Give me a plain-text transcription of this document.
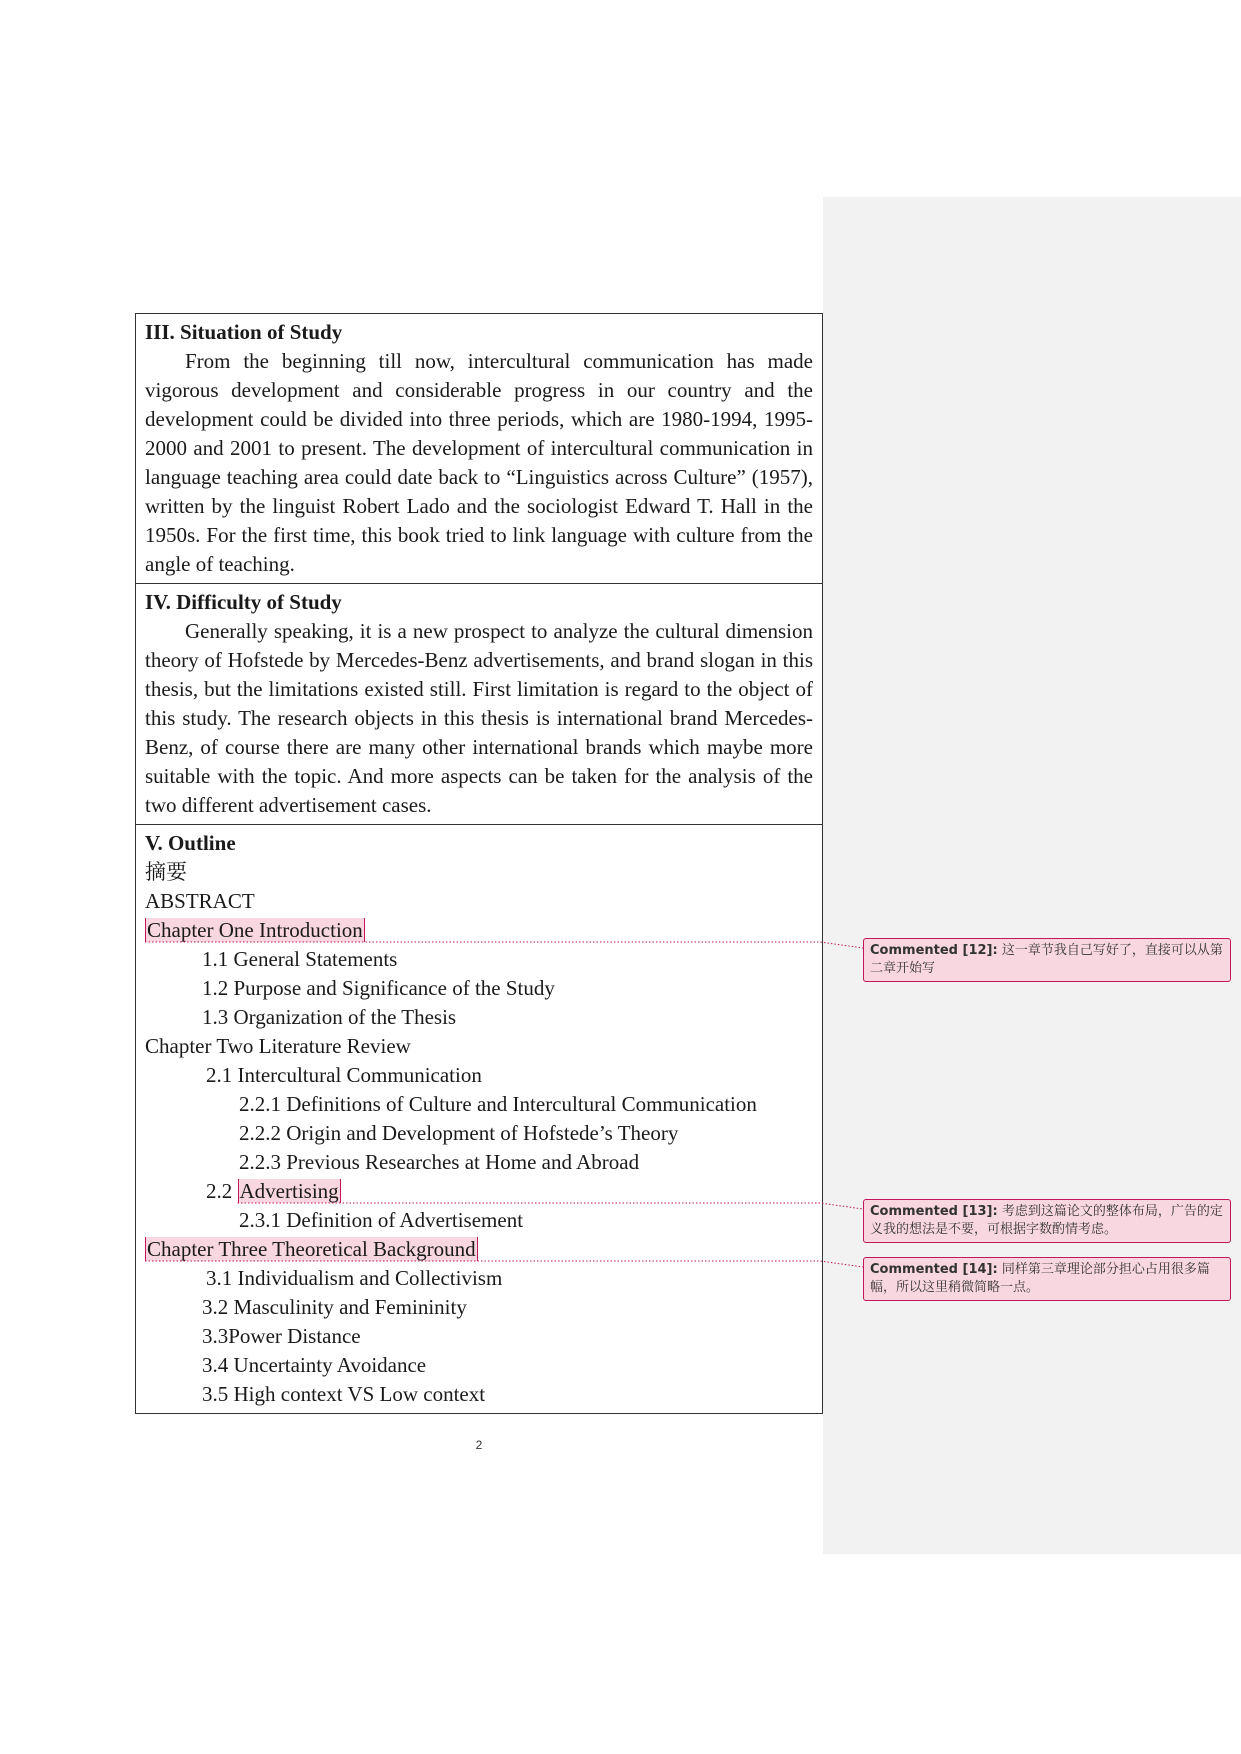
III. Situation of Study

From the beginning till now, intercultural communication has made vigorous development and considerable progress in our country and the development could be divided into three periods, which are 1980-1994, 1995-2000 and 2001 to present. The development of intercultural communication in language teaching area could date back to “Linguistics across Culture” (1957), written by the linguist Robert Lado and the sociologist Edward T. Hall in the 1950s. For the first time, this book tried to link language with culture from the angle of teaching.

IV. Difficulty of Study

Generally speaking, it is a new prospect to analyze the cultural dimension theory of Hofstede by Mercedes-Benz advertisements, and brand slogan in this thesis, but the limitations existed still. First limitation is regard to the object of this study. The research objects in this thesis is international brand Mercedes-Benz, of course there are many other international brands which maybe more suitable with the topic. And more aspects can be taken for the analysis of the two different advertisement cases.

V. Outline
摘要
ABSTRACT
Chapter One Introduction
1.1 General Statements
1.2 Purpose and Significance of the Study
1.3 Organization of the Thesis
Chapter Two Literature Review
2.1 Intercultural Communication
2.2.1 Definitions of Culture and Intercultural Communication
2.2.2 Origin and Development of Hofstede’s Theory
2.2.3 Previous Researches at Home and Abroad
2.2 Advertising
2.3.1 Definition of Advertisement
Chapter Three Theoretical Background
3.1 Individualism and Collectivism
3.2 Masculinity and Femininity
3.3Power Distance
3.4 Uncertainty Avoidance
3.5 High context VS Low context
Commented [12]: 这一章节我自己写好了，直接可以从第二章开始写
Commented [13]: 考虑到这篇论文的整体布局，广告的定义我的想法是不要，可根据字数酌情考虑。
Commented [14]: 同样第三章理论部分担心占用很多篇幅，所以这里稍微简略一点。
2
